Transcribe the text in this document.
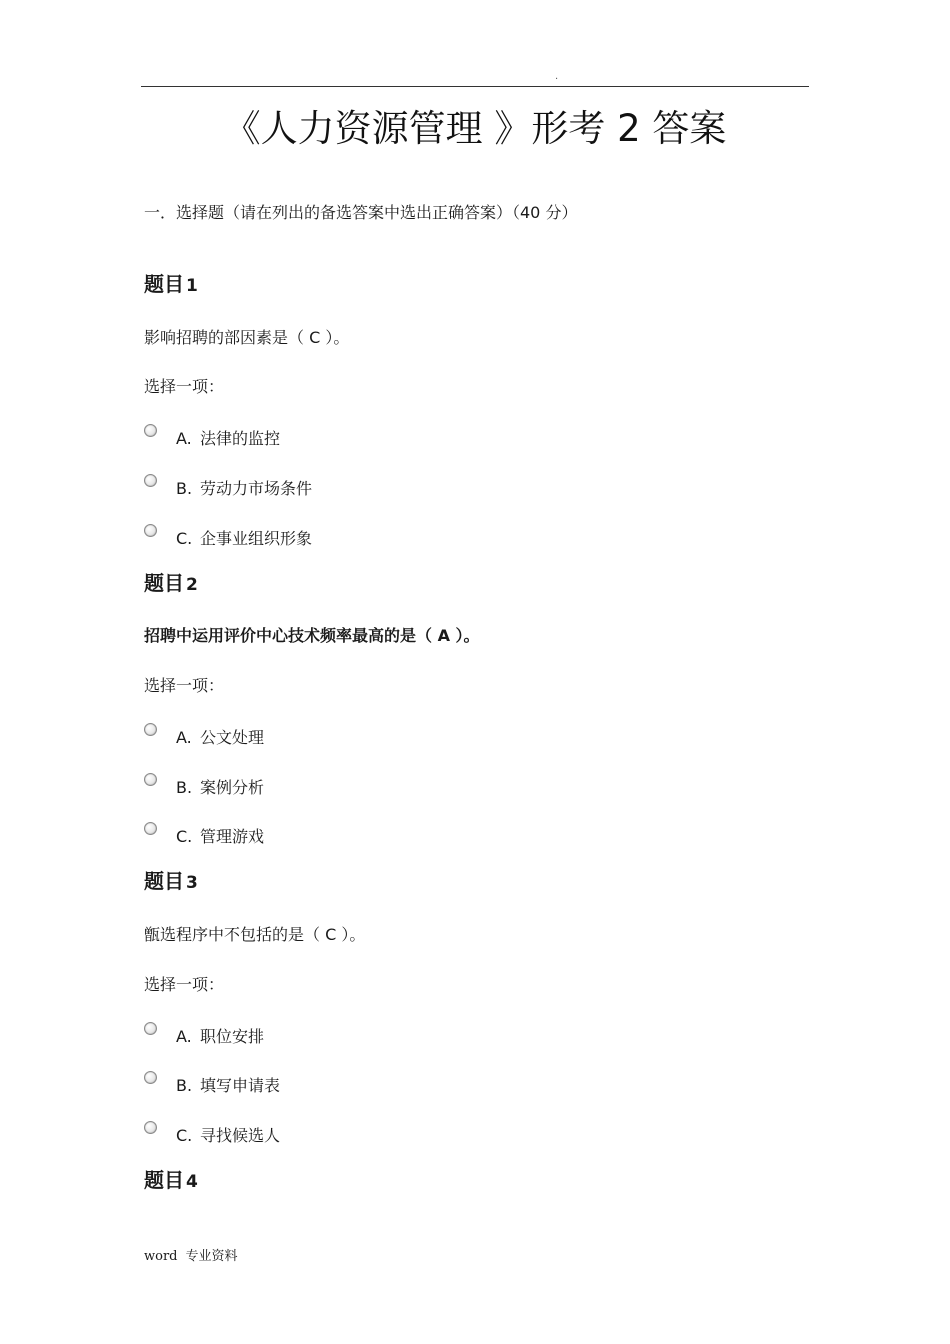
.
《人力资源管理 》形考 2 答案
一．选择题（请在列出的备选答案中选出正确答案）（40 分）
题目 1
影响招聘的部因素是（ C ）。
选择一项：
A. 法律的监控
B. 劳动力市场条件
C. 企事业组织形象
题目 2
招聘中运用评价中心技术频率最高的是（ A ）。
选择一项：
A. 公文处理
B. 案例分析
C. 管理游戏
题目 3
甑选程序中不包括的是（ C ）。
选择一项：
A. 职位安排
B. 填写申请表
C. 寻找候选人
题目 4
word 专业资料
